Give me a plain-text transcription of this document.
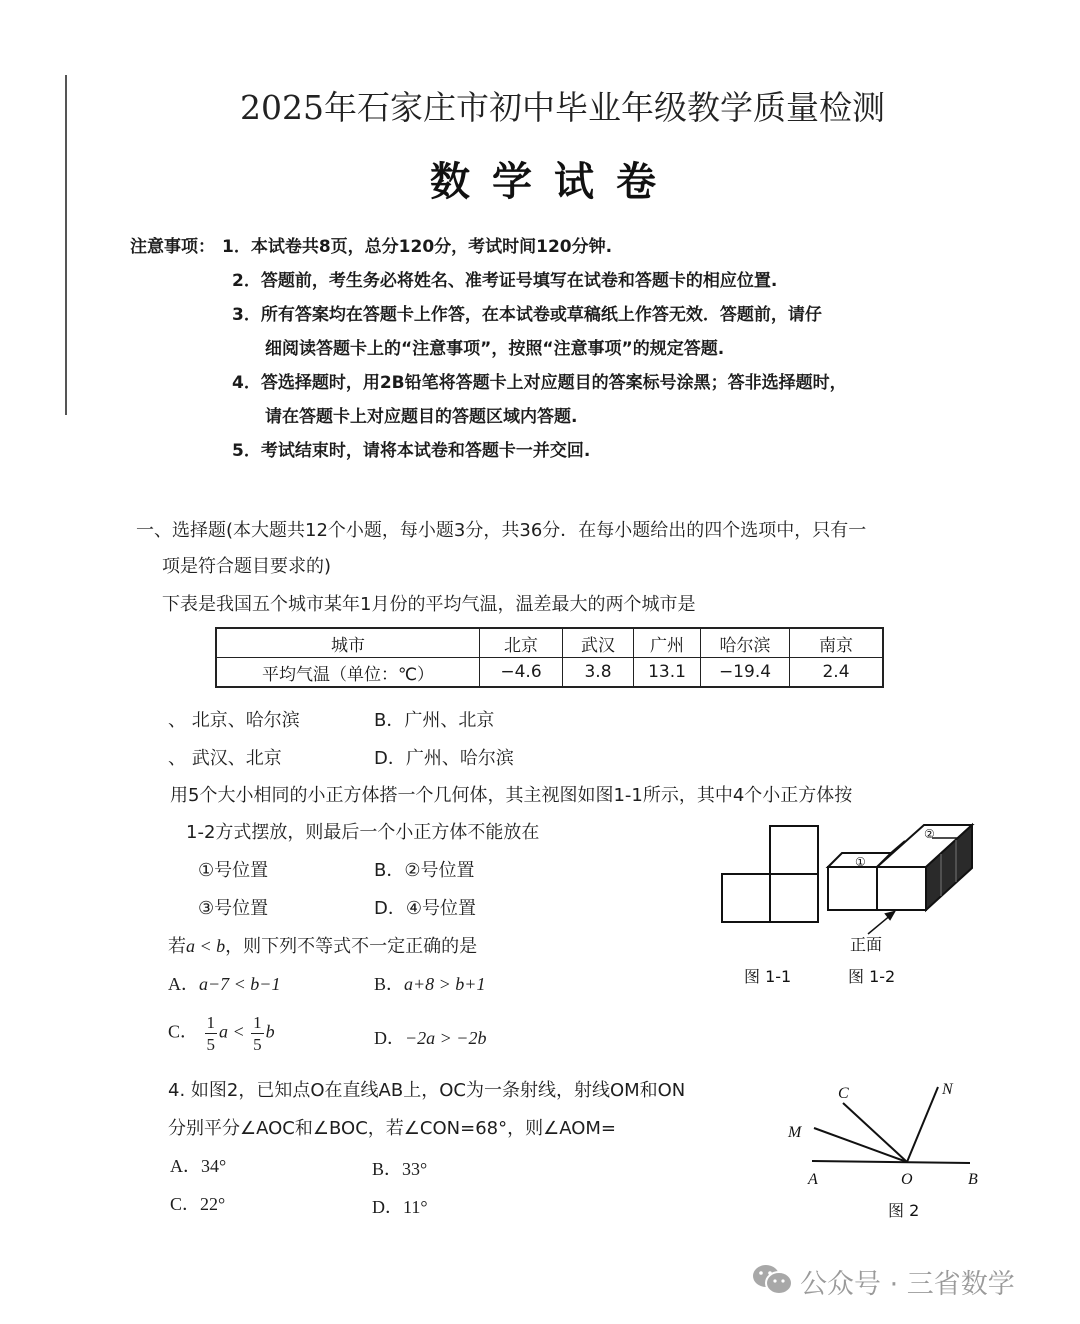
2025年石家庄市初中毕业年级教学质量检测
数学试卷
注意事项： 1．本试卷共8页，总分120分，考试时间120分钟.
2．答题前，考生务必将姓名、准考证号填写在试卷和答题卡的相应位置.
3．所有答案均在答题卡上作答，在本试卷或草稿纸上作答无效．答题前，请仔
细阅读答题卡上的“注意事项”，按照“注意事项”的规定答题.
4．答选择题时，用2B铅笔将答题卡上对应题目的答案标号涂黑；答非选择题时，
请在答题卡上对应题目的答题区域内答题.
5．考试结束时，请将本试卷和答题卡一并交回.
一、选择题(本大题共12个小题，每小题3分，共36分．在每小题给出的四个选项中，只有一
项是符合题目要求的)
下表是我国五个城市某年1月份的平均气温，温差最大的两个城市是
城市	北京	武汉	广州	哈尔滨	南京
平均气温（单位：℃）	−4.6	3.8	13.1	−19.4	2.4
、 北京、哈尔滨	B．广州、北京
、 武汉、北京	D．广州、哈尔滨
用5个大小相同的小正方体搭一个几何体，其主视图如图1-1所示，其中4个小正方体按
1-2方式摆放，则最后一个小正方体不能放在
①号位置	B．②号位置
③号位置	D．④号位置
①
②
正面
图 1-1	图 1-2
若a < b，则下列不等式不一定正确的是
A．a−7 < b−1	B．a+8 > b+1
C． $\frac{1}{5}$ $a < \frac{1}{5}$ b	D．−2a > −2b
4. 如图2，已知点O在直线AB上，OC为一条射线，射线OM和ON
分别平分∠AOC和∠BOC，若∠CON=68°，则∠AOM=
A．34°	B．33°
C．22°	D．11°
C
M
N
A	O	B
图 2
公众号 · 三省数学
